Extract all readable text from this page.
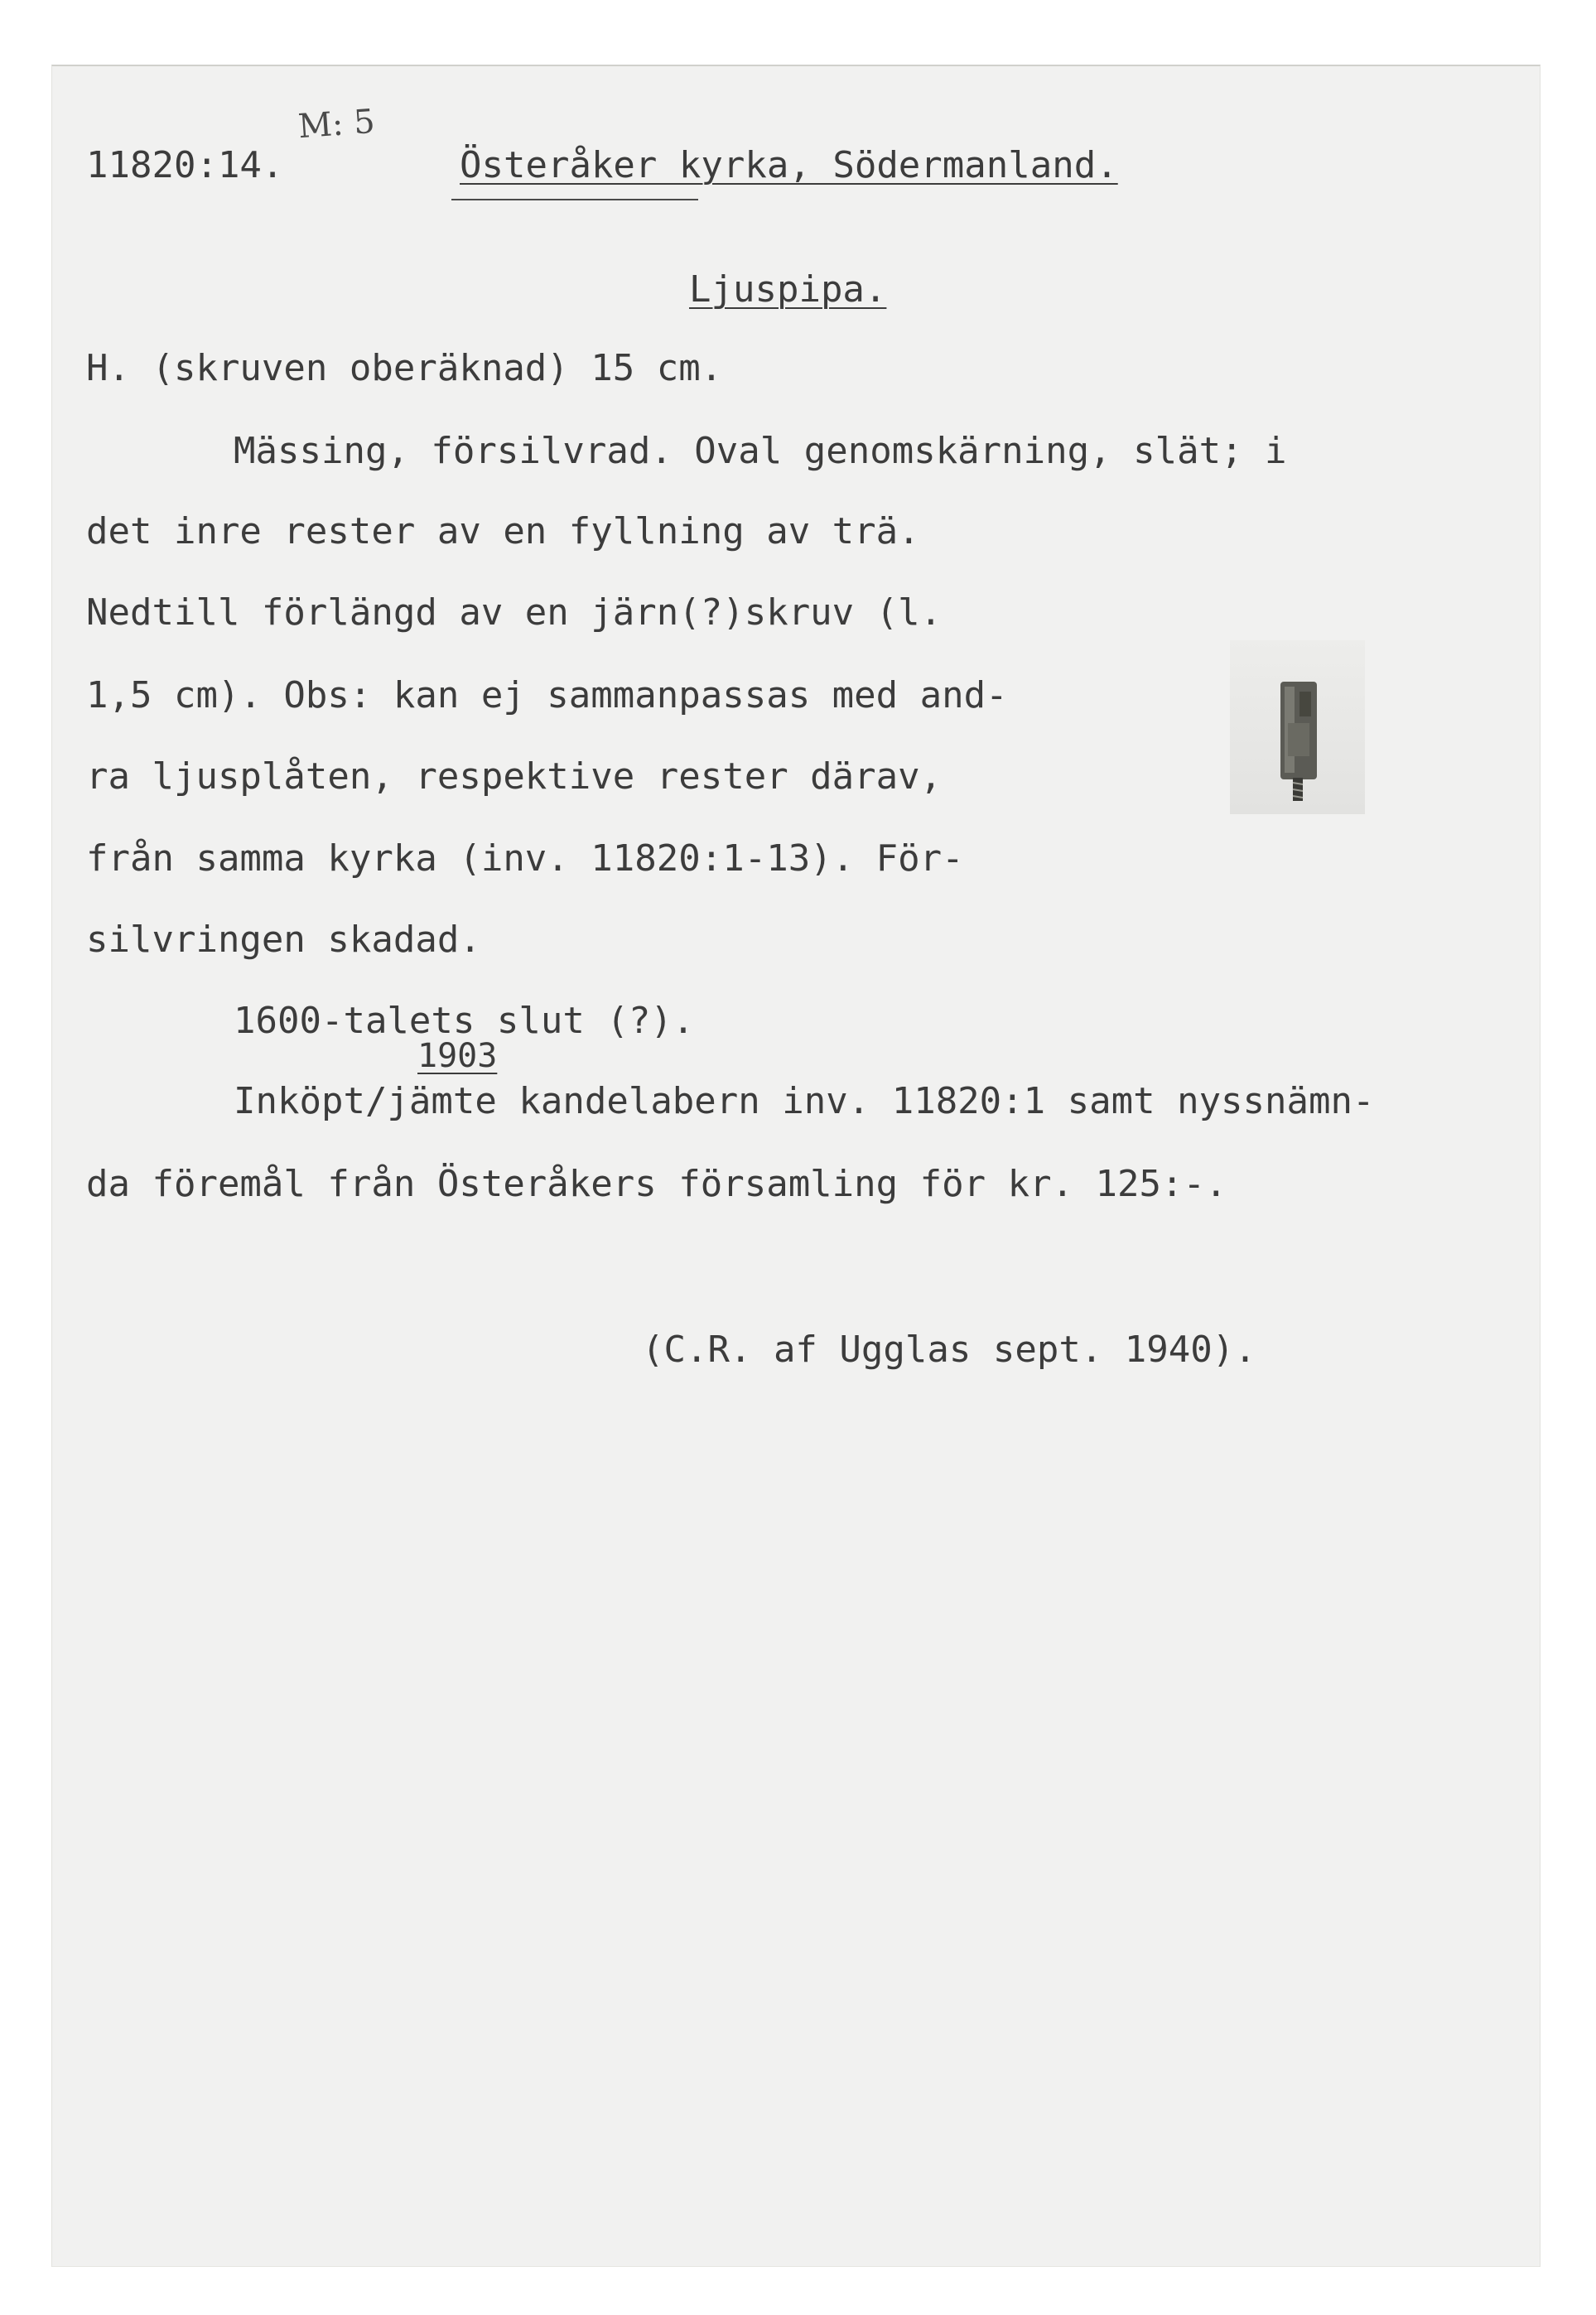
M: 5

11820:14.	Österåker kyrka, Södermanland.

Ljuspipa.

H. (skruven oberäknad) 15 cm.

Mässing, försilvrad. Oval genomskärning, slät; i

det inre rester av en fyllning av trä.

Nedtill förlängd av en järn(?)skruv (l.

1,5 cm). Obs: kan ej sammanpassas med and-

ra ljusplåten, respektive rester därav,

från samma kyrka (inv. 11820:1-13). För-

silvringen skadad.

1600-talets slut (?).

1903

Inköpt/jämte kandelabern inv. 11820:1 samt nyssnämn-

da föremål från Österåkers församling för kr. 125:-.

(C.R. af Ugglas sept. 1940).
